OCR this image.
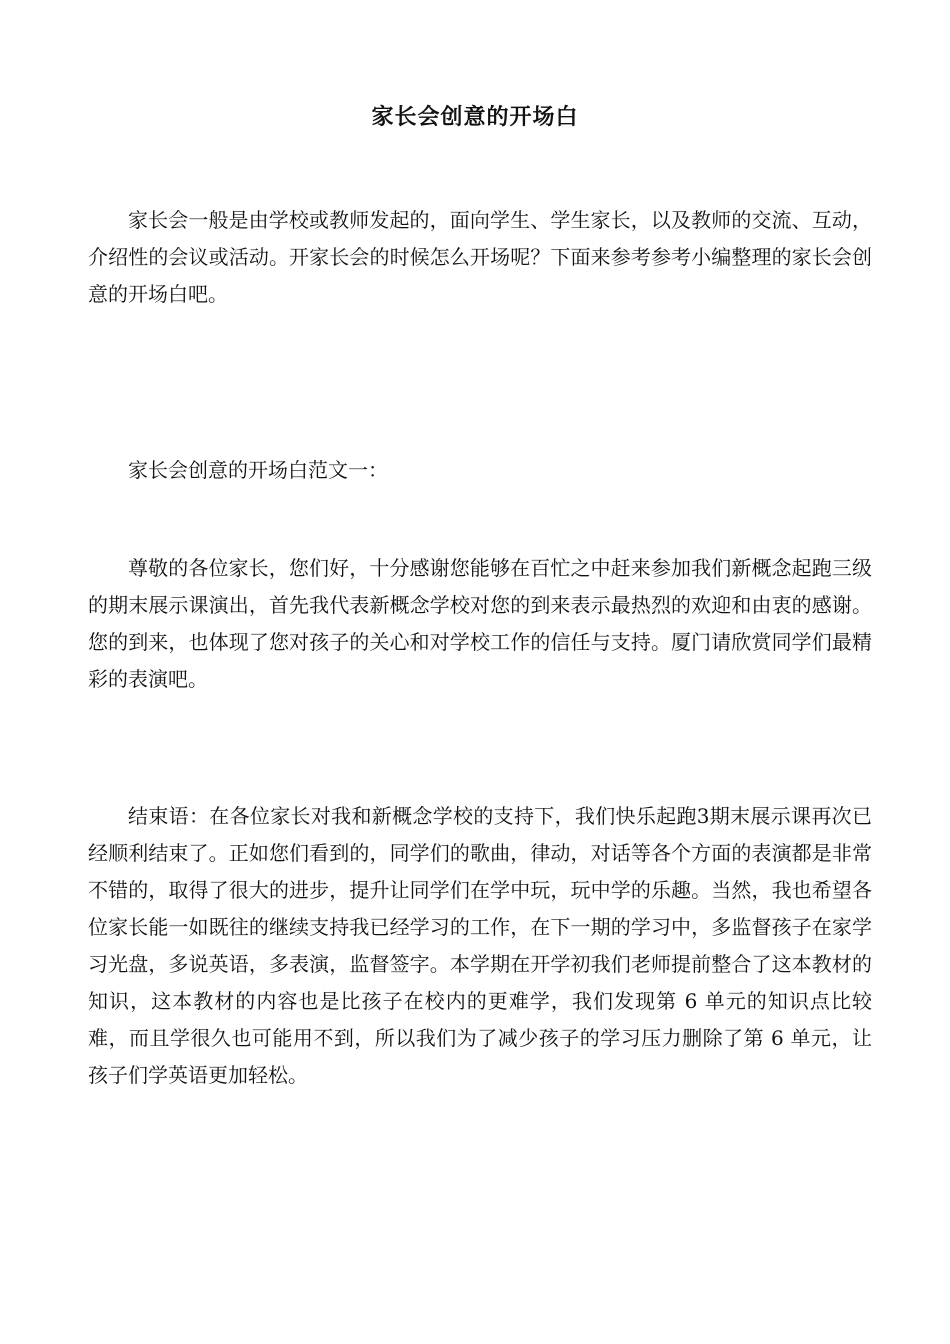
家长会创意的开场白

家长会一般是由学校或教师发起的，面向学生、学生家长，以及教师的交流、互动，介绍性的会议或活动。开家长会的时候怎么开场呢？下面来参考参考小编整理的家长会创意的开场白吧。

家长会创意的开场白范文一：

尊敬的各位家长，您们好，十分感谢您能够在百忙之中赶来参加我们新概念起跑三级的期末展示课演出，首先我代表新概念学校对您的到来表示最热烈的欢迎和由衷的感谢。您的到来，也体现了您对孩子的关心和对学校工作的信任与支持。厦门请欣赏同学们最精彩的表演吧。

结束语：在各位家长对我和新概念学校的支持下，我们快乐起跑3期末展示课再次已经顺利结束了。正如您们看到的，同学们的歌曲，律动，对话等各个方面的表演都是非常不错的，取得了很大的进步，提升让同学们在学中玩，玩中学的乐趣。当然，我也希望各位家长能一如既往的继续支持我已经学习的工作，在下一期的学习中，多监督孩子在家学习光盘，多说英语，多表演，监督签字。本学期在开学初我们老师提前整合了这本教材的知识，这本教材的内容也是比孩子在校内的更难学，我们发现第 6 单元的知识点比较难，而且学很久也可能用不到，所以我们为了减少孩子的学习压力删除了第 6 单元，让孩子们学英语更加轻松。
